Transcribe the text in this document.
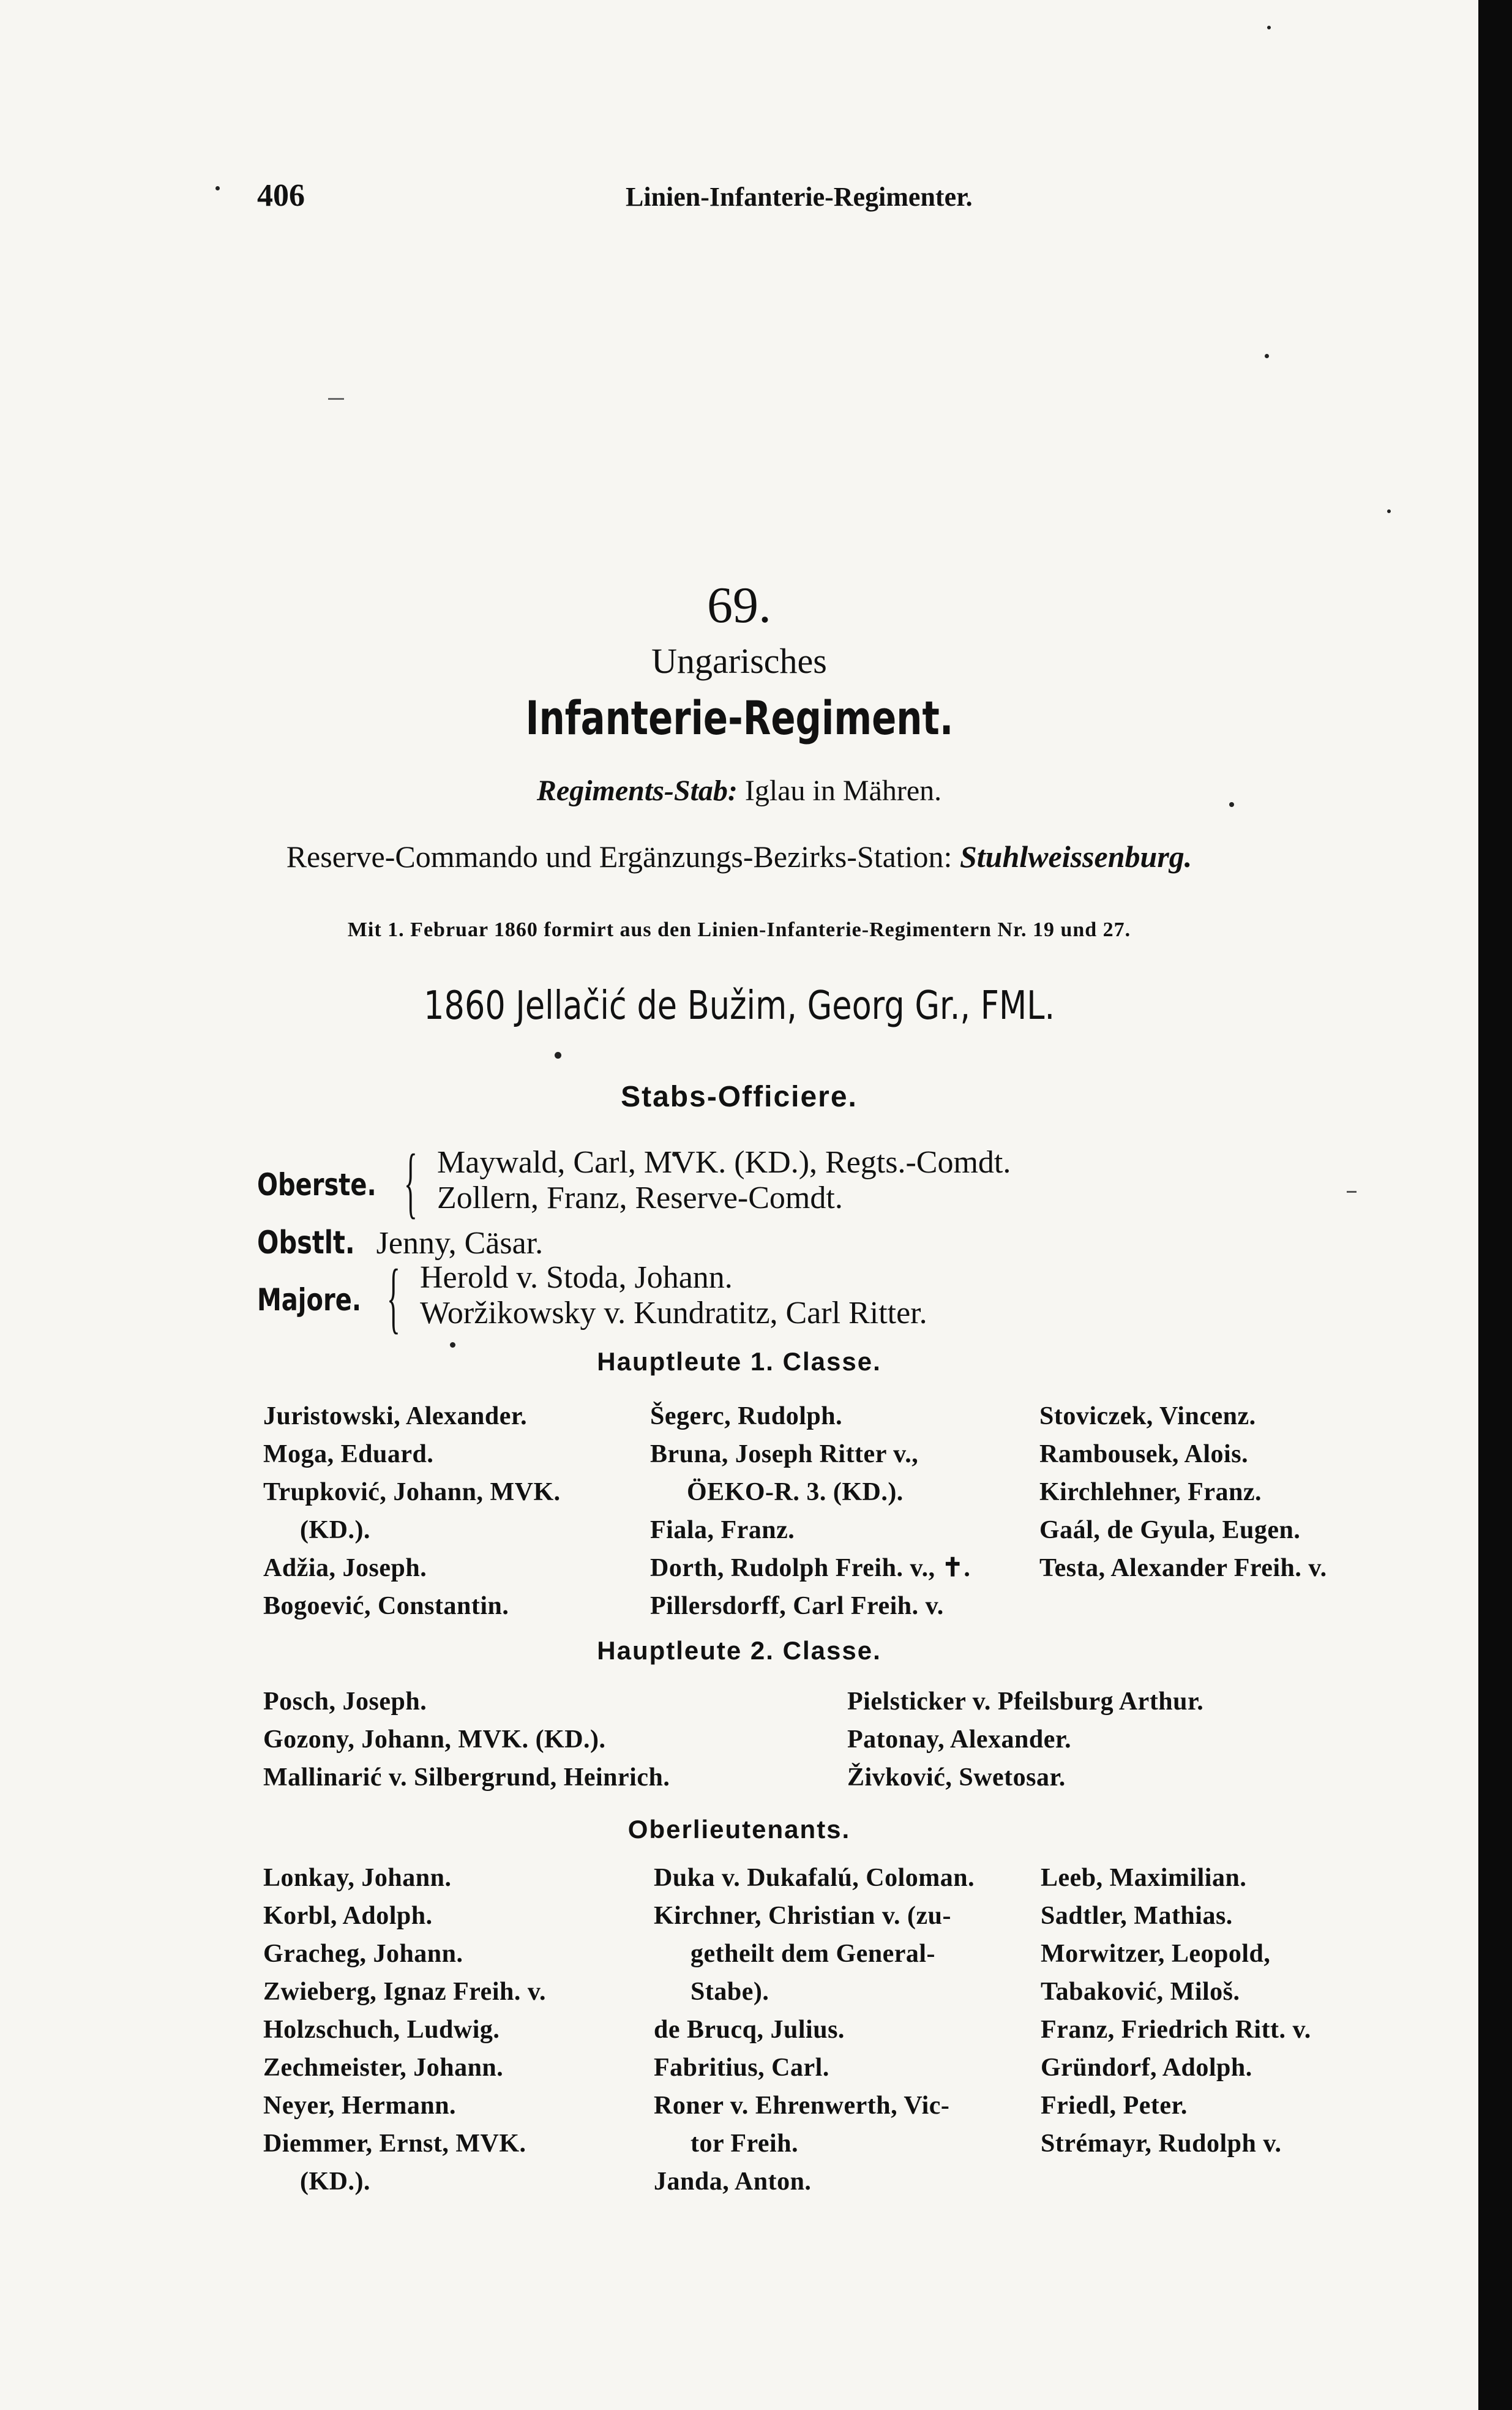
406	Linien-Infanterie-Regimenter.
69.
Ungarisches
Infanterie-Regiment.
Regiments-Stab: Iglau in Mähren.
Reserve-Commando und Ergänzungs-Bezirks-Station: Stuhlweissenburg.
Mit 1. Februar 1860 formirt aus den Linien-Infanterie-Regimentern Nr. 19 und 27.
1860 Jellačić de Bužim, Georg Gr., FML.
Stabs-Officiere.
Oberste. { Maywald, Carl, MVK. (KD.), Regts.-Comdt.
Zollern, Franz, Reserve-Comdt.
Obstlt. Jenny, Cäsar.
Majore. { Herold v. Stoda, Johann.
Woržikowsky v. Kundratitz, Carl Ritter.
Hauptleute 1. Classe.
Juristowski, Alexander.
Moga, Eduard.
Trupković, Johann, MVK.
(KD.).
Adžia, Joseph.
Bogoević, Constantin.
Šegerc, Rudolph.
Bruna, Joseph Ritter v.,
ÖEKO-R. 3. (KD.).
Fiala, Franz.
Dorth, Rudolph Freih. v., ✝.
Pillersdorff, Carl Freih. v.
Stoviczek, Vincenz.
Rambousek, Alois.
Kirchlehner, Franz.
Gaál, de Gyula, Eugen.
Testa, Alexander Freih. v.
Hauptleute 2. Classe.
Posch, Joseph.
Gozony, Johann, MVK. (KD.).
Mallinarić v. Silbergrund, Heinrich.
Pielsticker v. Pfeilsburg Arthur.
Patonay, Alexander.
Živković, Swetosar.
Oberlieutenants.
Lonkay, Johann.
Korbl, Adolph.
Gracheg, Johann.
Zwieberg, Ignaz Freih. v.
Holzschuch, Ludwig.
Zechmeister, Johann.
Neyer, Hermann.
Diemmer, Ernst, MVK.
(KD.).
Duka v. Dukafalú, Coloman.
Kirchner, Christian v. (zu-
getheilt dem General-
Stabe).
de Brucq, Julius.
Fabritius, Carl.
Roner v. Ehrenwerth, Vic-
tor Freih.
Janda, Anton.
Leeb, Maximilian.
Sadtler, Mathias.
Morwitzer, Leopold,
Tabaković, Miloš.
Franz, Friedrich Ritt. v.
Gründorf, Adolph.
Friedl, Peter.
Strémayr, Rudolph v.
